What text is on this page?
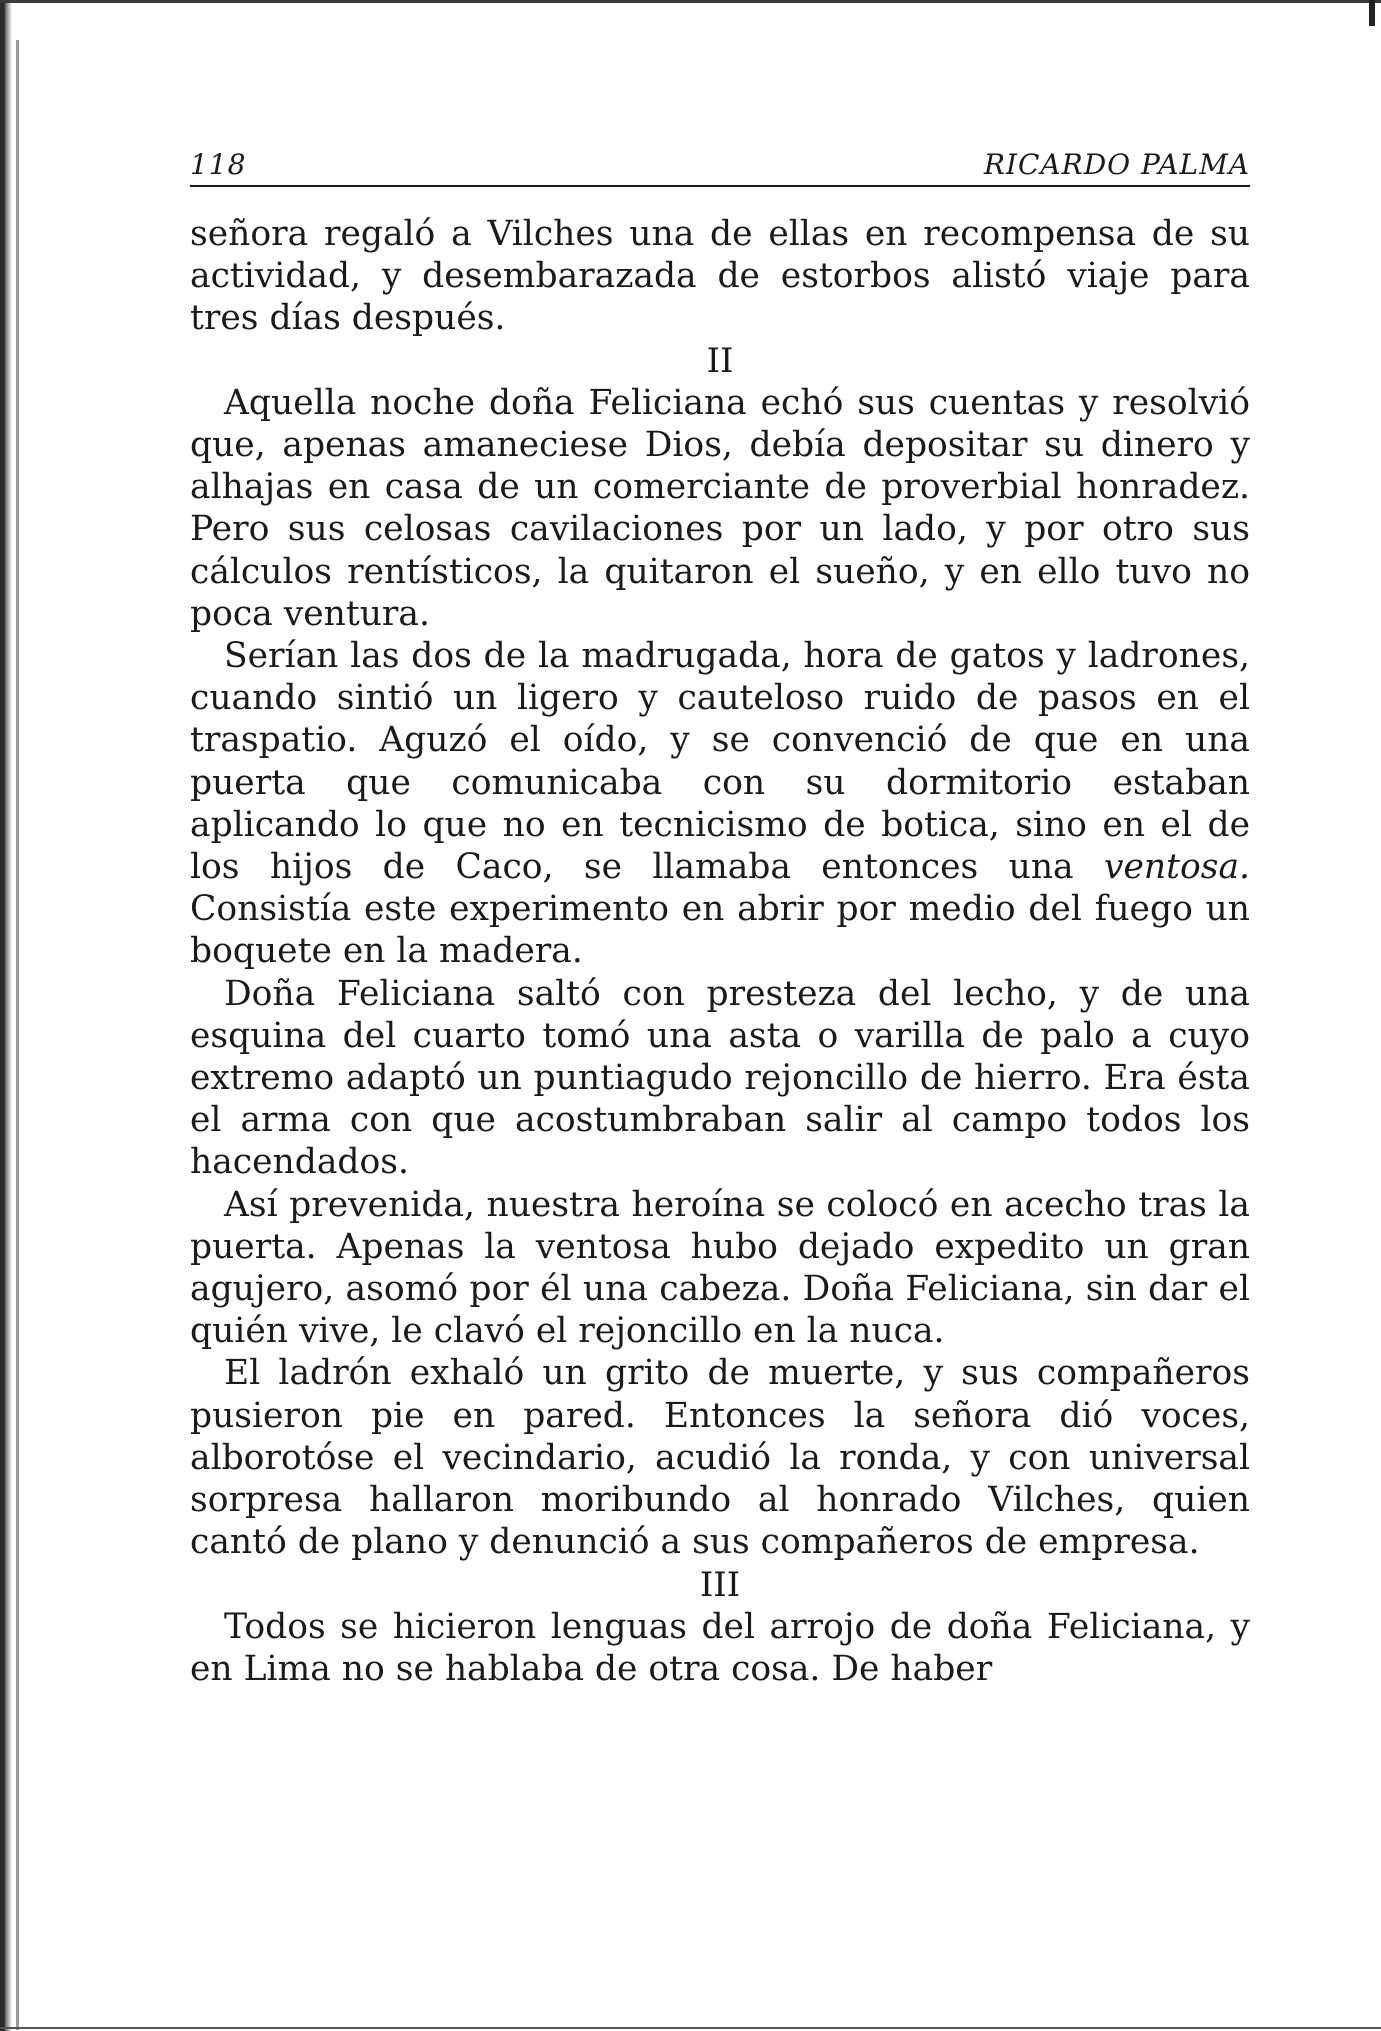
118	RICARDO PALMA

señora regaló a Vilches una de ellas en recompensa de su actividad, y desembarazada de estorbos alistó viaje para tres días después.

II

Aquella noche doña Feliciana echó sus cuentas y resolvió que, apenas amaneciese Dios, debía depositar su dinero y alhajas en casa de un comerciante de proverbial honradez. Pero sus celosas cavilaciones por un lado, y por otro sus cálculos rentísticos, la quitaron el sueño, y en ello tuvo no poca ventura.

Serían las dos de la madrugada, hora de gatos y ladrones, cuando sintió un ligero y cauteloso ruido de pasos en el traspatio. Aguzó el oído, y se convenció de que en una puerta que comunicaba con su dormitorio estaban aplicando lo que no en tecnicismo de botica, sino en el de los hijos de Caco, se llamaba entonces una ventosa. Consistía este experimento en abrir por medio del fuego un boquete en la madera.

Doña Feliciana saltó con presteza del lecho, y de una esquina del cuarto tomó una asta o varilla de palo a cuyo extremo adaptó un puntiagudo rejoncillo de hierro. Era ésta el arma con que acostumbraban salir al campo todos los hacendados.

Así prevenida, nuestra heroína se colocó en acecho tras la puerta. Apenas la ventosa hubo dejado expedito un gran agujero, asomó por él una cabeza. Doña Feliciana, sin dar el quién vive, le clavó el rejoncillo en la nuca.

El ladrón exhaló un grito de muerte, y sus compañeros pusieron pie en pared. Entonces la señora dió voces, alborotóse el vecindario, acudió la ronda, y con universal sorpresa hallaron moribundo al honrado Vilches, quien cantó de plano y denunció a sus compañeros de empresa.

III

Todos se hicieron lenguas del arrojo de doña Feliciana, y en Lima no se hablaba de otra cosa. De haber
